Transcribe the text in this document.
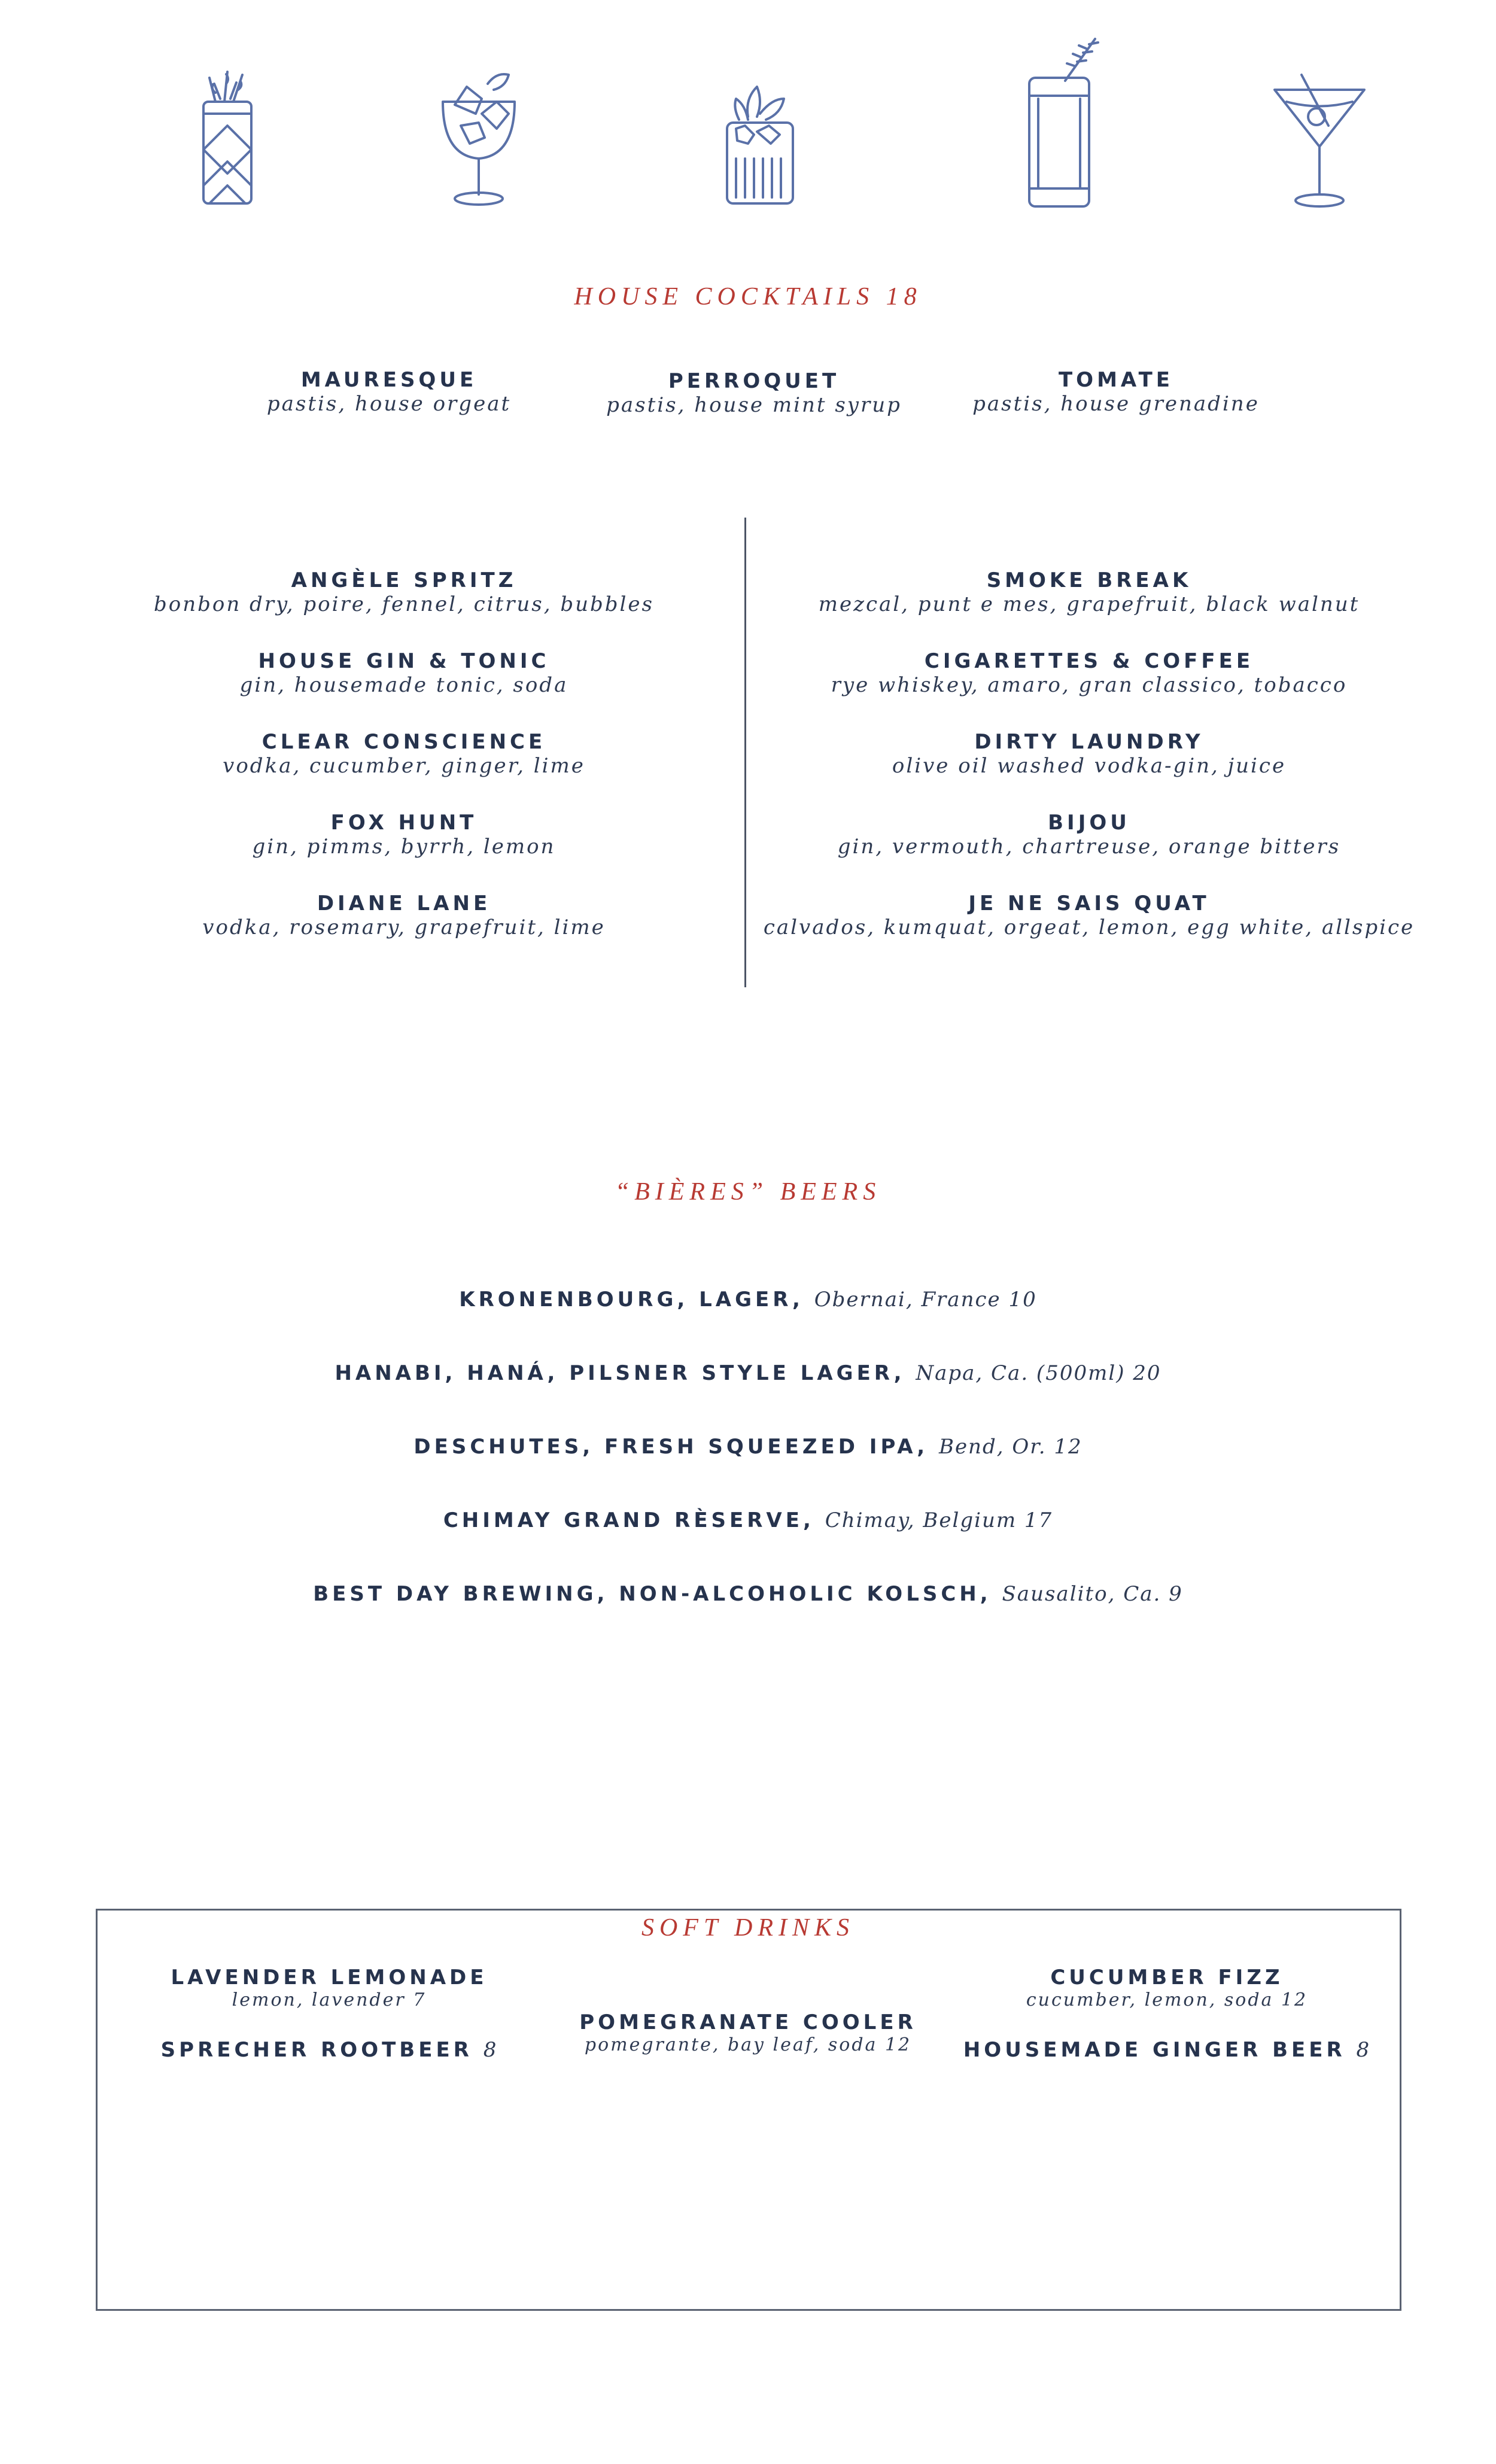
HOUSE COCKTAILS 18
MAURESQUE
pastis, house orgeat
PERROQUET
pastis, house mint syrup
TOMATE
pastis, house grenadine
ANGÈLE SPRITZ
bonbon dry, poire, fennel, citrus, bubbles
HOUSE GIN & TONIC
gin, housemade tonic, soda
CLEAR CONSCIENCE
vodka, cucumber, ginger, lime
FOX HUNT
gin, pimms, byrrh, lemon
DIANE LANE
vodka, rosemary, grapefruit, lime
SMOKE BREAK
mezcal, punt e mes, grapefruit, black walnut
CIGARETTES & COFFEE
rye whiskey, amaro, gran classico, tobacco
DIRTY LAUNDRY
olive oil washed vodka-gin, juice
BIJOU
gin, vermouth, chartreuse, orange bitters
JE NE SAIS QUAT
calvados, kumquat, orgeat, lemon, egg white, allspice
“BIÈRES” BEERS
KRONENBOURG, LAGER, Obernai, France 10
HANABI, HANÁ, PILSNER STYLE LAGER, Napa, Ca. (500ml) 20
DESCHUTES, FRESH SQUEEZED IPA, Bend, Or. 12
CHIMAY GRAND RÈSERVE, Chimay, Belgium 17
BEST DAY BREWING, NON-ALCOHOLIC KOLSCH, Sausalito, Ca. 9
SOFT DRINKS
LAVENDER LEMONADE
lemon, lavender 7
SPRECHER ROOTBEER 8
POMEGRANATE COOLER
pomegrante, bay leaf, soda 12
CUCUMBER FIZZ
cucumber, lemon, soda 12
HOUSEMADE GINGER BEER 8
